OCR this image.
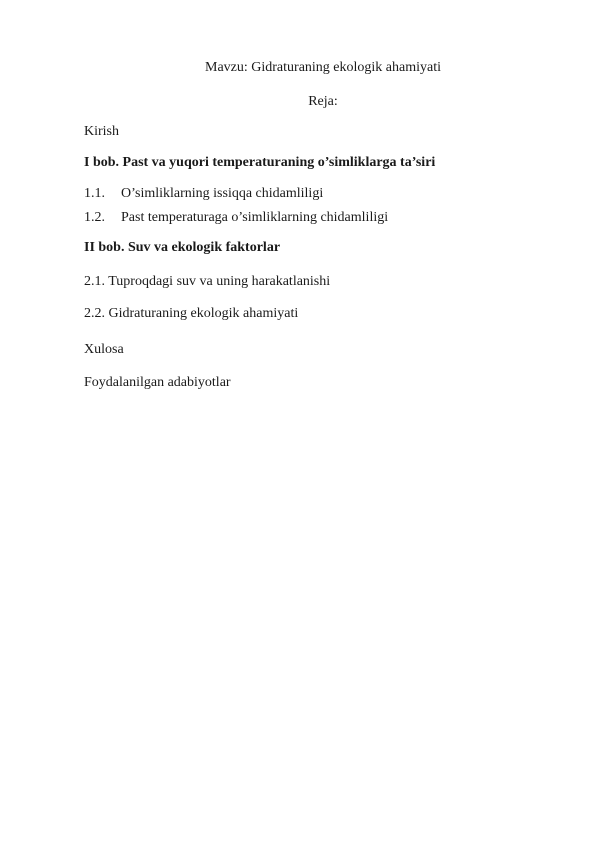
Mavzu: Gidraturaning ekologik ahamiyati
Reja:
Kirish
I bob. Past va yuqori temperaturaning o’simliklarga ta’siri
1.1. O’simliklarning issiqqa chidamliligi
1.2. Past temperaturaga o’simliklarning chidamliligi
II bob. Suv va ekologik faktorlar
2.1. Tuproqdagi suv va uning harakatlanishi
2.2. Gidraturaning ekologik ahamiyati
Xulosa
Foydalanilgan adabiyotlar
